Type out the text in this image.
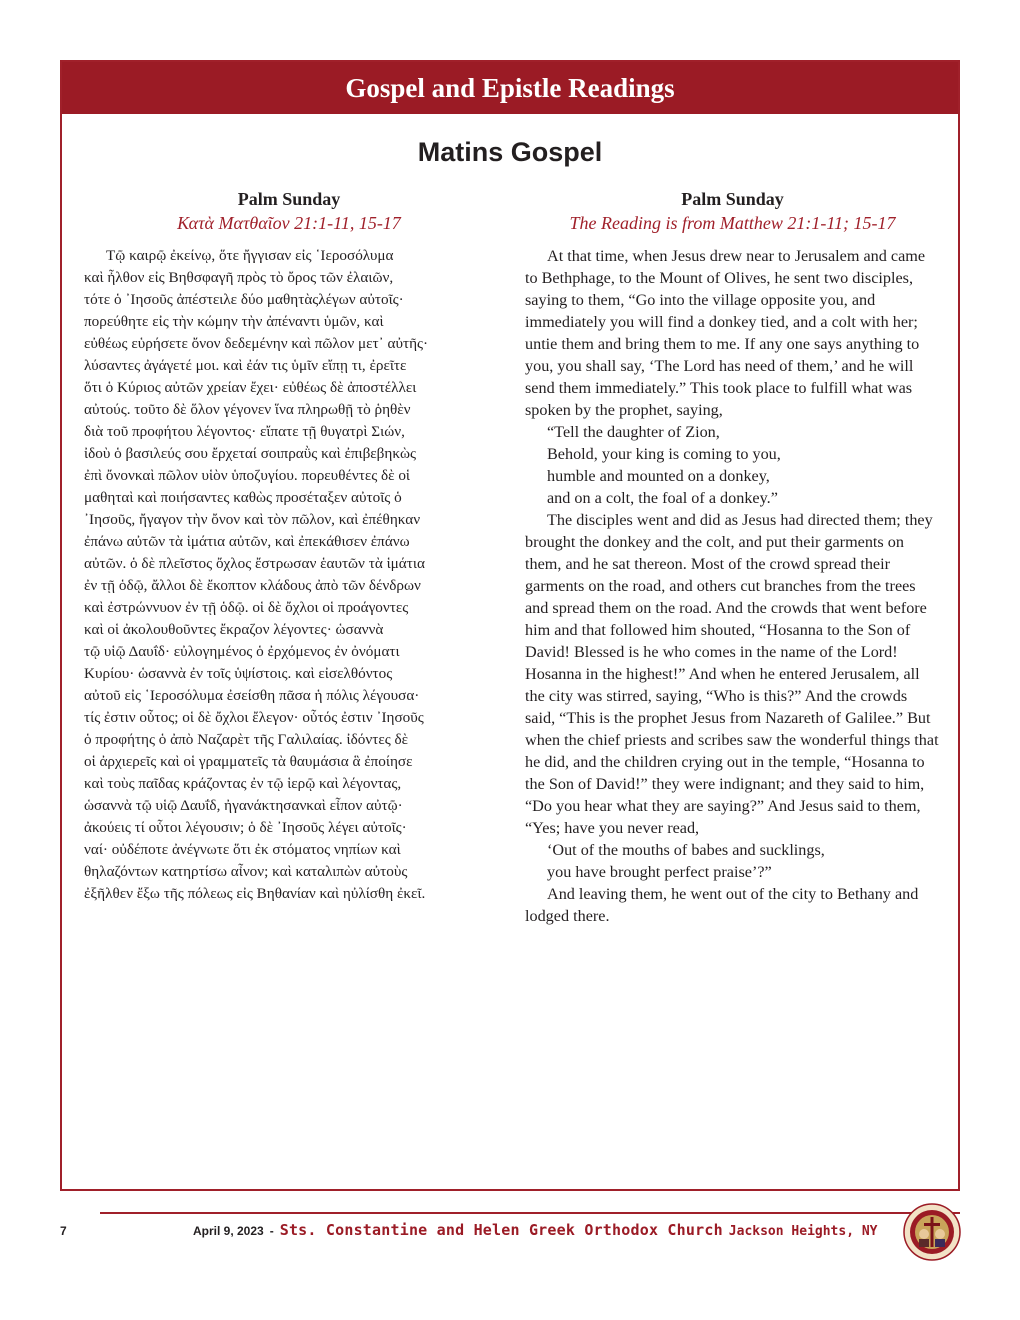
Gospel and Epistle Readings
Matins Gospel
Palm Sunday
Κατὰ Ματθαῖον 21:1-11, 15-17
Τῷ καιρῷ ἐκείνῳ, ὅτε ἤγγισαν εἰς ῾Ιεροσόλυμα
καὶ ἦλθον εἰς Βηθσφαγῆ πρὸς τὸ ὄρος τῶν ἐλαιῶν,
τότε ὁ ᾿Ιησοῦς ἀπέστειλε δύο μαθητὰςλέγων αὐτοῖς·
πορεύθητε εἰς τὴν κώμην τὴν ἀπέναντι ὑμῶν, καὶ
εὐθέως εὑρήσετε ὄνον δεδεμένην καὶ πῶλον μετ᾿ αὐτῆς·
λύσαντες ἀγάγετέ μοι. καὶ ἐάν τις ὑμῖν εἴπῃ τι, ἐρεῖτε
ὅτι ὁ Κύριος αὐτῶν χρείαν ἔχει· εὐθέως δὲ ἀποστέλλει
αὐτούς. τοῦτο δὲ ὅλον γέγονεν ἵνα πληρωθῇ τὸ ῥηθὲν
διὰ τοῦ προφήτου λέγοντος· εἴπατε τῇ θυγατρὶ Σιών,
ἰδοὺ ὁ βασιλεύς σου ἔρχεταί σοιπραῢς καὶ ἐπιβεβηκὼς
ἐπὶ ὄνονκαὶ πῶλον υἱὸν ὑποζυγίου. πορευθέντες δὲ οἱ
μαθηταὶ καὶ ποιήσαντες καθὼς προσέταξεν αὐτοῖς ὁ
᾿Ιησοῦς, ἤγαγον τὴν ὄνον καὶ τὸν πῶλον, καὶ ἐπέθηκαν
ἐπάνω αὐτῶν τὰ ἱμάτια αὐτῶν, καὶ ἐπεκάθισεν ἐπάνω
αὐτῶν. ὁ δὲ πλεῖστος ὄχλος ἔστρωσαν ἑαυτῶν τὰ ἱμάτια
ἐν τῇ ὁδῷ, ἄλλοι δὲ ἔκοπτον κλάδους ἀπὸ τῶν δένδρων
καὶ ἐστρώννυον ἐν τῇ ὁδῷ. οἱ δὲ ὄχλοι οἱ προάγοντες
καὶ οἱ ἀκολουθοῦντες ἔκραζον λέγοντες· ὡσαννὰ
τῷ υἱῷ Δαυΐδ· εὐλογημένος ὁ ἐρχόμενος ἐν ὀνόματι
Κυρίου· ὡσαννὰ ἐν τοῖς ὑψίστοις. καὶ εἰσελθόντος
αὐτοῦ εἰς ῾Ιεροσόλυμα ἐσείσθη πᾶσα ἡ πόλις λέγουσα·
τίς ἐστιν οὗτος; οἱ δὲ ὄχλοι ἔλεγον· οὗτός ἐστιν ᾿Ιησοῦς
ὁ προφήτης ὁ ἀπὸ Ναζαρὲτ τῆς Γαλιλαίας. ἰδόντες δὲ
οἱ ἀρχιερεῖς καὶ οἱ γραμματεῖς τὰ θαυμάσια ἃ ἐποίησε
καὶ τοὺς παῖδας κράζοντας ἐν τῷ ἱερῷ καὶ λέγοντας,
ὡσαννὰ τῷ υἱῷ Δαυΐδ, ἠγανάκτησανκαὶ εἶπον αὐτῷ·
ἀκούεις τί οὗτοι λέγουσιν; ὁ δὲ ᾿Ιησοῦς λέγει αὐτοῖς·
ναί· οὐδέποτε ἀνέγνωτε ὅτι ἐκ στόματος νηπίων καὶ
θηλαζόντων κατηρτίσω αἶνον; καὶ καταλιπὼν αὐτοὺς
ἐξῆλθεν ἔξω τῆς πόλεως εἰς Βηθανίαν καὶ ηὐλίσθη ἐκεῖ.
Palm Sunday
The Reading is from Matthew 21:1-11; 15-17

At that time, when Jesus drew near to Jerusalem and came to Bethphage, to the Mount of Olives, he sent two disciples, saying to them, “Go into the village opposite you, and immediately you will find a donkey tied, and a colt with her; untie them and bring them to me. If any one says anything to you, you shall say, ‘The Lord has need of them,’ and he will send them immediately.” This took place to fulfill what was spoken by the prophet, saying,

“Tell the daughter of Zion,

Behold, your king is coming to you,

humble and mounted on a donkey,

and on a colt, the foal of a donkey.”

The disciples went and did as Jesus had directed them; they brought the donkey and the colt, and put their garments on them, and he sat thereon. Most of the crowd spread their garments on the road, and others cut branches from the trees and spread them on the road. And the crowds that went before him and that followed him shouted, “Hosanna to the Son of David! Blessed is he who comes in the name of the Lord! Hosanna in the highest!” And when he entered Jerusalem, all the city was stirred, saying, “Who is this?” And the crowds said, “This is the prophet Jesus from Nazareth of Galilee.” But when the chief priests and scribes saw the wonderful things that he did, and the children crying out in the temple, “Hosanna to the Son of David!” they were indignant; and they said to him, “Do you hear what they are saying?” And Jesus said to them, “Yes; have you never read,

‘Out of the mouths of babes and sucklings,

you have brought perfect praise’?”

And leaving them, he went out of the city to Bethany and lodged there.

7	April 9, 2023 - Sts. Constantine and Helen Greek Orthodox Church Jackson Heights, NY
